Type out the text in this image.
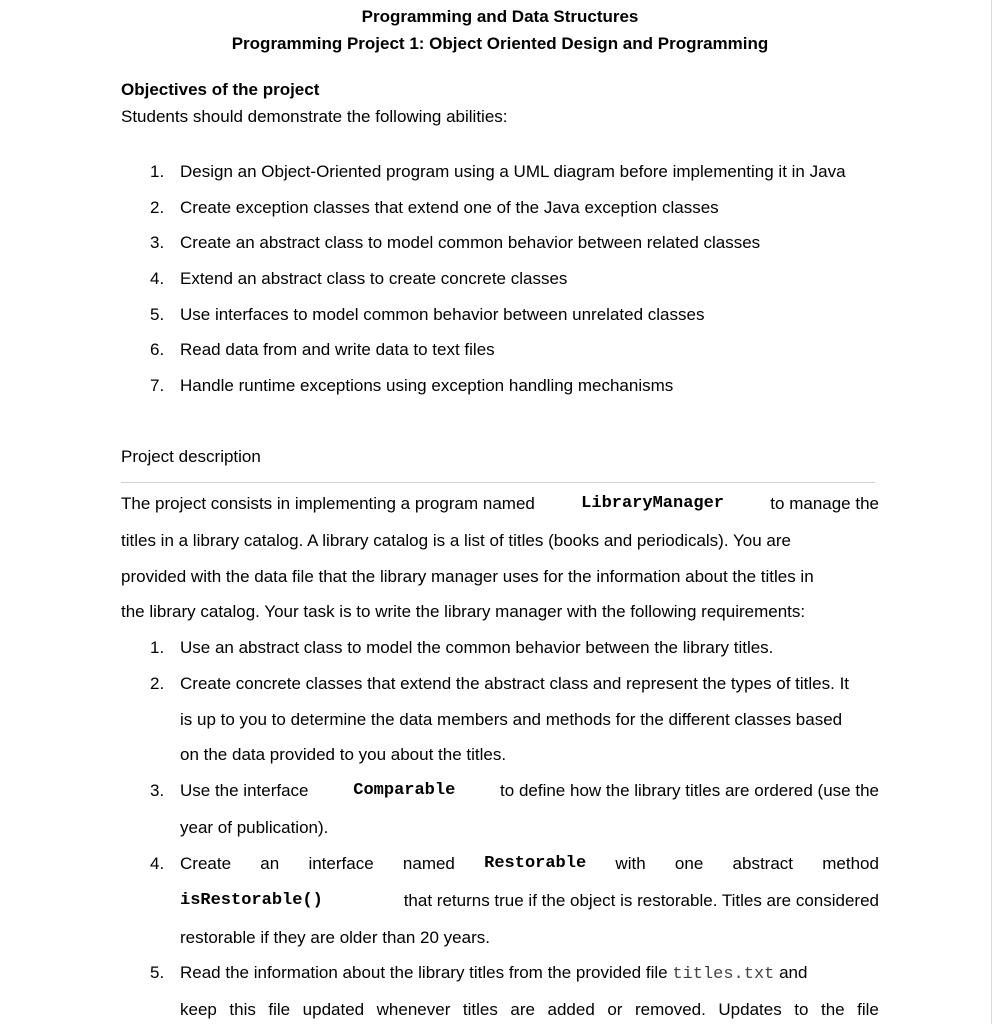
Programming and Data Structures
Programming Project 1: Object Oriented Design and Programming
Objectives of the project
Students should demonstrate the following abilities:
1. Design an Object-Oriented program using a UML diagram before implementing it in Java
2. Create exception classes that extend one of the Java exception classes
3. Create an abstract class to model common behavior between related classes
4. Extend an abstract class to create concrete classes
5. Use interfaces to model common behavior between unrelated classes
6. Read data from and write data to text files
7. Handle runtime exceptions using exception handling mechanisms
Project description
The project consists in implementing a program named	LibraryManager	to manage the
titles in a library catalog. A library catalog is a list of titles (books and periodicals). You are
provided with the data file that the library manager uses for the information about the titles in
the library catalog. Your task is to write the library manager with the following requirements:
1. Use an abstract class to model the common behavior between the library titles.
2. Create concrete classes that extend the abstract class and represent the types of titles. It
is up to you to determine the data members and methods for the different classes based
on the data provided to you about the titles.
3. Use the interface	Comparable	to define how the library titles are ordered (use the
year of publication).
4. Create an interface named Restorable with one abstract method
isRestorable()	that returns true if the object is restorable. Titles are considered
restorable if they are older than 20 years.
5. Read the information about the library titles from the provided file titles.txt and
keep this file updated whenever titles are added or removed. Updates to the file
